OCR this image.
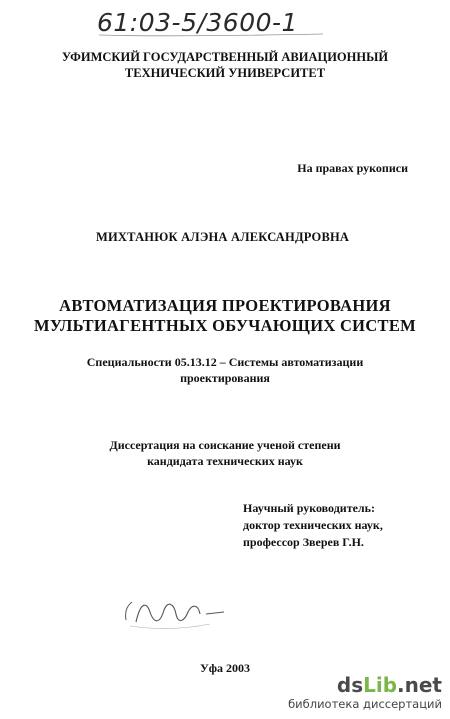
61:03-5/3600-1
УФИМСКИЙ ГОСУДАРСТВЕННЫЙ АВИАЦИОННЫЙ
ТЕХНИЧЕСКИЙ УНИВЕРСИТЕТ
На правах рукописи
МИХТАНЮК АЛЭНА АЛЕКСАНДРОВНА
АВТОМАТИЗАЦИЯ ПРОЕКТИРОВАНИЯ
МУЛЬТИАГЕНТНЫХ ОБУЧАЮЩИХ СИСТЕМ
Специальности 05.13.12 – Системы автоматизации
проектирования
Диссертация на соискание ученой степени
кандидата технических наук
Научный руководитель:
доктор технических наук,
профессор Зверев Г.Н.
Уфа 2003
dsLib.net
библиотека диссертаций
